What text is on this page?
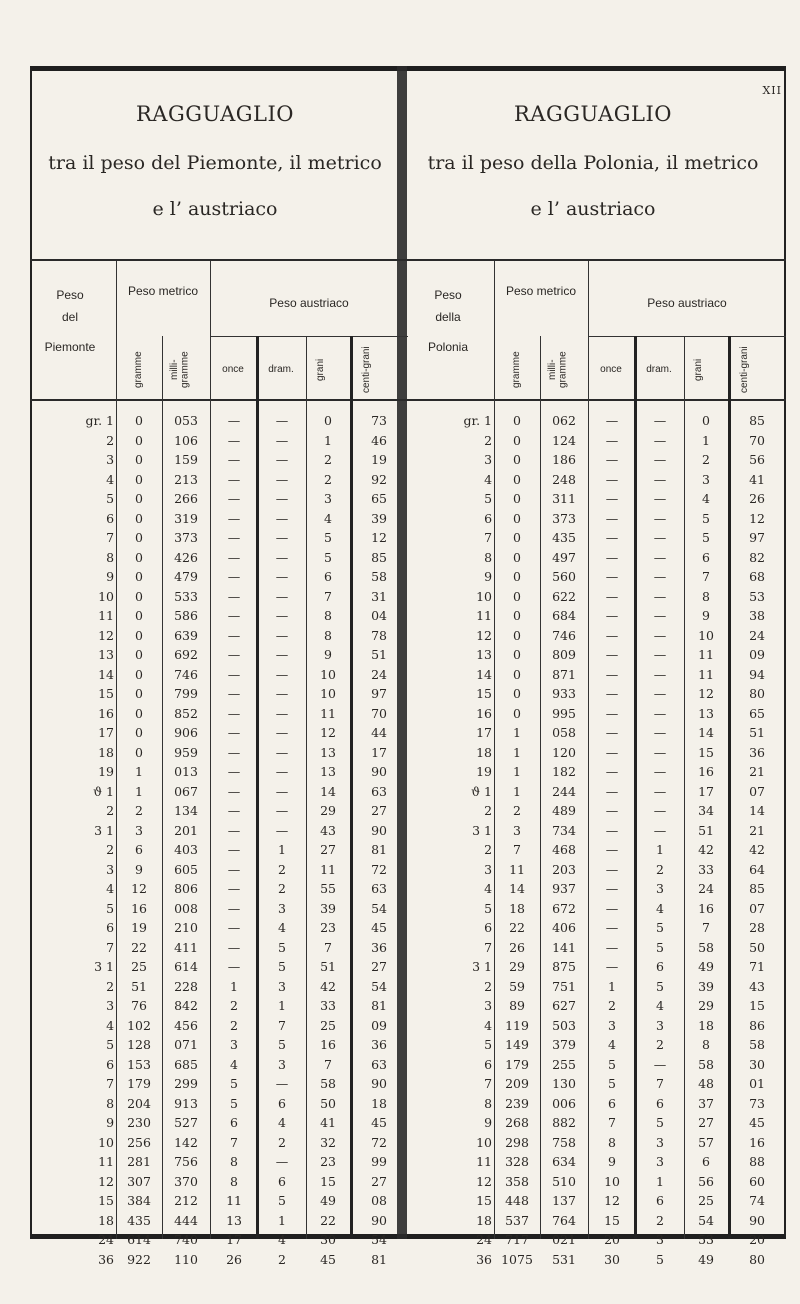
XII
RAGGUAGLIO
tra il peso del Piemonte, il metrico
e l’ austriaco
Peso
del
Piemonte
Peso metrico
Peso austriaco
gramme	milli-gramme	once	dram.	grani	centi-grani
gr. 1	0	053	—	—	0	73
2	0	106	—	—	1	46
3	0	159	—	—	2	19
4	0	213	—	—	2	92
5	0	266	—	—	3	65
6	0	319	—	—	4	39
7	0	373	—	—	5	12
8	0	426	—	—	5	85
9	0	479	—	—	6	58
10	0	533	—	—	7	31
11	0	586	—	—	8	04
12	0	639	—	—	8	78
13	0	692	—	—	9	51
14	0	746	—	—	10	24
15	0	799	—	—	10	97
16	0	852	—	—	11	70
17	0	906	—	—	12	44
18	0	959	—	—	13	17
19	1	013	—	—	13	90
ϑ 1	1	067	—	—	14	63
2	2	134	—	—	29	27
3 1	3	201	—	—	43	90
2	6	403	—	1	27	81
3	9	605	—	2	11	72
4	12	806	—	2	55	63
5	16	008	—	3	39	54
6	19	210	—	4	23	45
7	22	411	—	5	7	36
3 1	25	614	—	5	51	27
2	51	228	1	3	42	54
3	76	842	2	1	33	81
4	102	456	2	7	25	09
5	128	071	3	5	16	36
6	153	685	4	3	7	63
7	179	299	5	—	58	90
8	204	913	5	6	50	18
9	230	527	6	4	41	45
10	256	142	7	2	32	72
11	281	756	8	—	23	99
12	307	370	8	6	15	27
15	384	212	11	5	49	08
18	435	444	13	1	22	90
24	614	740	17	4	30	54
36	922	110	26	2	45	81
RAGGUAGLIO
tra il peso della Polonia, il metrico
e l’ austriaco
Peso
della
Polonia
Peso metrico
Peso austriaco
gramme	milli-gramme	once	dram.	grani	centi-grani
gr. 1	0	062	—	—	0	85
2	0	124	—	—	1	70
3	0	186	—	—	2	56
4	0	248	—	—	3	41
5	0	311	—	—	4	26
6	0	373	—	—	5	12
7	0	435	—	—	5	97
8	0	497	—	—	6	82
9	0	560	—	—	7	68
10	0	622	—	—	8	53
11	0	684	—	—	9	38
12	0	746	—	—	10	24
13	0	809	—	—	11	09
14	0	871	—	—	11	94
15	0	933	—	—	12	80
16	0	995	—	—	13	65
17	1	058	—	—	14	51
18	1	120	—	—	15	36
19	1	182	—	—	16	21
ϑ 1	1	244	—	—	17	07
2	2	489	—	—	34	14
3 1	3	734	—	—	51	21
2	7	468	—	1	42	42
3	11	203	—	2	33	64
4	14	937	—	3	24	85
5	18	672	—	4	16	07
6	22	406	—	5	7	28
7	26	141	—	5	58	50
3 1	29	875	—	6	49	71
2	59	751	1	5	39	43
3	89	627	2	4	29	15
4	119	503	3	3	18	86
5	149	379	4	2	8	58
6	179	255	5	—	58	30
7	209	130	5	7	48	01
8	239	006	6	6	37	73
9	268	882	7	5	27	45
10	298	758	8	3	57	16
11	328	634	9	3	6	88
12	358	510	10	1	56	60
15	448	137	12	6	25	74
18	537	764	15	2	54	90
24	717	021	20	3	53	20
36	1075	531	30	5	49	80
